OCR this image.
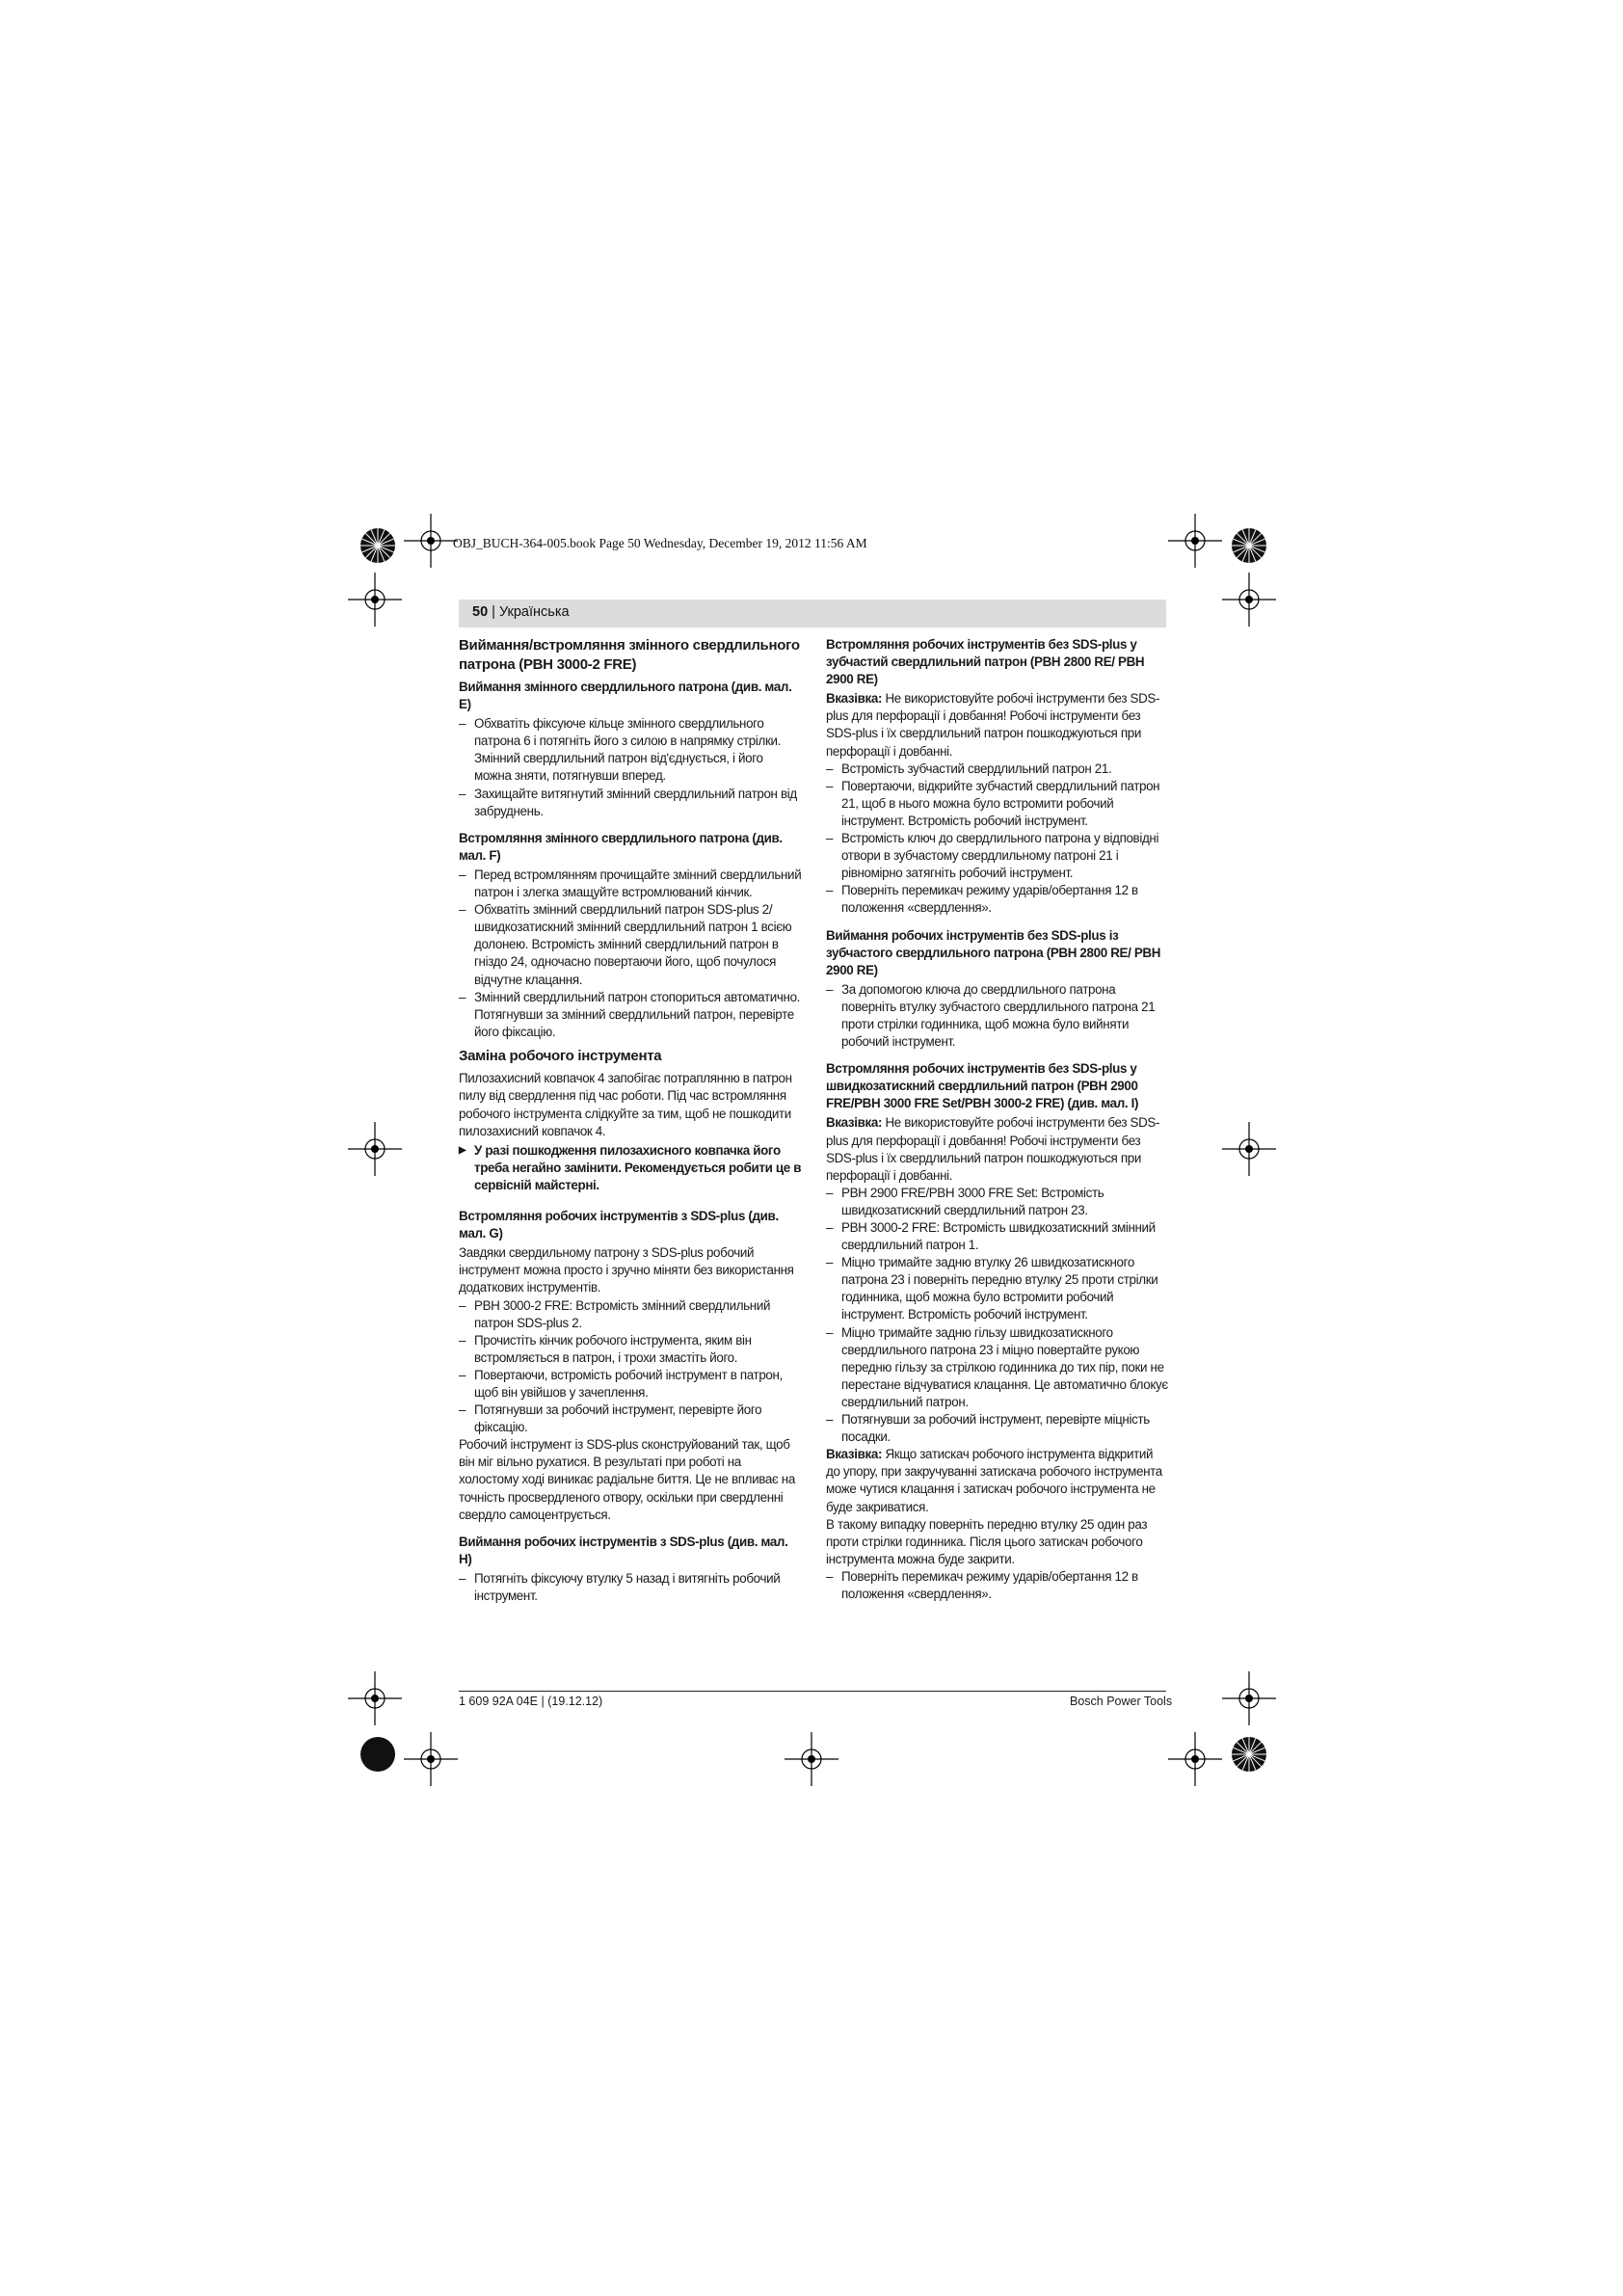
OBJ_BUCH-364-005.book Page 50 Wednesday, December 19, 2012 11:56 AM
50 | Українська
Виймання/встромляння змінного свердлильного патрона (PBH 3000-2 FRE)
Виймання змінного свердлильного патрона (див. мал. E)
– Обхватіть фіксуюче кільце змінного свердлильного патрона 6 і потягніть його з силою в напрямку стрілки. Змінний свердлильний патрон від'єднується, і його можна зняти, потягнувши вперед.
– Захищайте витягнутий змінний свердлильний патрон від забруднень.
Встромляння змінного свердлильного патрона (див. мал. F)
– Перед встромлянням прочищайте змінний свердлильний патрон і злегка змащуйте встромлюваний кінчик.
– Обхватіть змінний свердлильний патрон SDS-plus 2/швидкозатискний змінний свердлильний патрон 1 всією долонею. Встромість змінний свердлильний патрон в гніздо 24, одночасно повертаючи його, щоб почулося відчутне клацання.
– Змінний свердлильний патрон стопориться автоматично. Потягнувши за змінний свердлильний патрон, перевірте його фіксацію.
Заміна робочого інструмента
Пилозахисний ковпачок 4 запобігає потраплянню в патрон пилу від свердлення під час роботи. Під час встромляння робочого інструмента слідкуйте за тим, щоб не пошкодити пилозахисний ковпачок 4.
▶ У разі пошкодження пилозахисного ковпачка його треба негайно замінити. Рекомендується робити це в сервісній майстерні.
Встромляння робочих інструментів з SDS-plus (див. мал. G)
Завдяки свердильному патрону з SDS-plus робочий інструмент можна просто і зручно міняти без використання додаткових інструментів.
– PBH 3000-2 FRE: Встромість змінний свердлильний патрон SDS-plus 2.
– Прочистіть кінчик робочого інструмента, яким він встромляється в патрон, і трохи змастіть його.
– Повертаючи, встромість робочий інструмент в патрон, щоб він увійшов у зачеплення.
– Потягнувши за робочий інструмент, перевірте його фіксацію.
Робочий інструмент із SDS-plus сконструйований так, щоб він міг вільно рухатися. В результаті при роботі на холостому ході виникає радіальне биття. Це не впливає на точність просвердленого отвору, оскільки при свердленні свердло самоцентрується.
Виймання робочих інструментів з SDS-plus (див. мал. H)
– Потягніть фіксуючу втулку 5 назад і витягніть робочий інструмент.
Встромляння робочих інструментів без SDS-plus у зубчастий свердлильний патрон (PBH 2800 RE/ PBH 2900 RE)
Вказівка: Не використовуйте робочі інструменти без SDS-plus для перфорації і довбання! Робочі інструменти без SDS-plus і їх свердлильний патрон пошкоджуються при перфорації і довбанні.
– Встромість зубчастий свердлильний патрон 21.
– Повертаючи, відкрийте зубчастий свердлильний патрон 21, щоб в нього можна було встромити робочий інструмент. Встромість робочий інструмент.
– Встромість ключ до свердлильного патрона у відповідні отвори в зубчастому свердлильному патроні 21 і рівномірно затягніть робочий інструмент.
– Поверніть перемикач режиму ударів/обертання 12 в положення «свердлення».
Виймання робочих інструментів без SDS-plus із зубчастого свердлильного патрона (PBH 2800 RE/ PBH 2900 RE)
– За допомогою ключа до свердлильного патрона поверніть втулку зубчастого свердлильного патрона 21 проти стрілки годинника, щоб можна було вийняти робочий інструмент.
Встромляння робочих інструментів без SDS-plus у швидкозатискний свердлильний патрон (PBH 2900 FRE/PBH 3000 FRE Set/PBH 3000-2 FRE) (див. мал. I)
Вказівка: Не використовуйте робочі інструменти без SDS-plus для перфорації і довбання! Робочі інструменти без SDS-plus і їх свердлильний патрон пошкоджуються при перфорації і довбанні.
– PBH 2900 FRE/PBH 3000 FRE Set: Встромість швидкозатискний свердлильний патрон 23.
– PBH 3000-2 FRE: Встромість швидкозатискний змінний свердлильний патрон 1.
– Міцно тримайте задню втулку 26 швидкозатискного патрона 23 і поверніть передню втулку 25 проти стрілки годинника, щоб можна було встромити робочий інструмент. Встромість робочий інструмент.
– Міцно тримайте задню гільзу швидкозатискного свердлильного патрона 23 і міцно повертайте рукою передню гільзу за стрілкою годинника до тих пір, поки не перестане відчуватися клацання. Це автоматично блокує свердлильний патрон.
– Потягнувши за робочий інструмент, перевірте міцність посадки.
Вказівка: Якщо затискач робочого інструмента відкритий до упору, при закручуванні затискача робочого інструмента може чутися клацання і затискач робочого інструмента не буде закриватися.
В такому випадку поверніть передню втулку 25 один раз проти стрілки годинника. Після цього затискач робочого інструмента можна буде закрити.
– Поверніть перемикач режиму ударів/обертання 12 в положення «свердлення».
1 609 92A 04E | (19.12.12)	Bosch Power Tools
